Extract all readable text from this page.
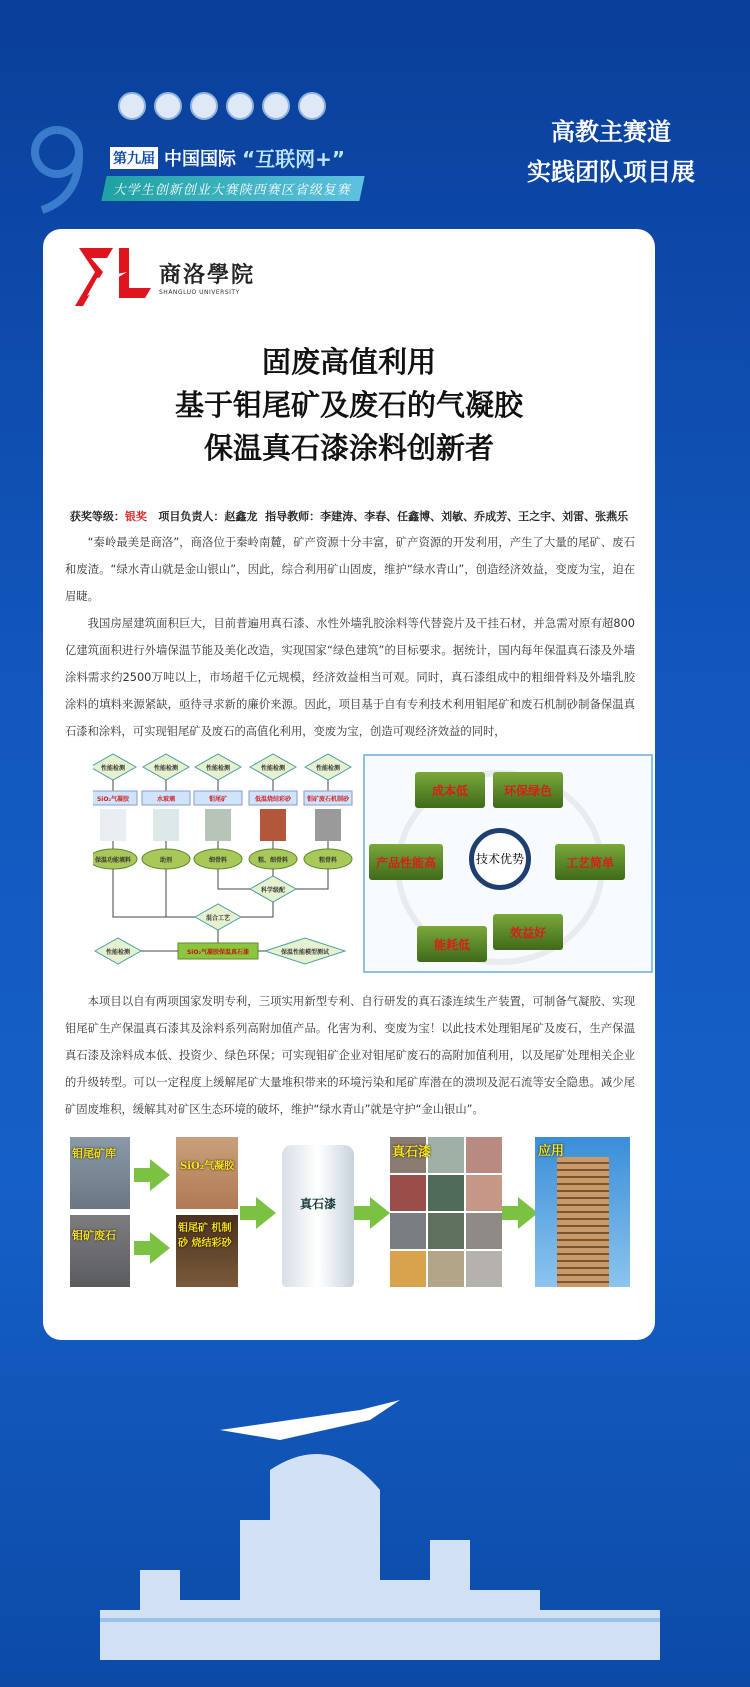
第九届 中国国际 “互联网+”
大学生创新创业大赛陕西赛区省级复赛
高教主赛道
实践团队项目展
商洛學院
SHANGLUO UNIVERSITY
固废高值利用
基于钼尾矿及废石的气凝胶
保温真石漆涂料创新者
获奖等级：银奖 项目负责人：赵鑫龙 指导教师：李建涛、李春、任鑫博、刘敏、乔成芳、王之宇、刘雷、张燕乐

“秦岭最美是商洛”，商洛位于秦岭南麓，矿产资源十分丰富，矿产资源的开发利用，产生了大量的尾矿、废石和废渣。“绿水青山就是金山银山”，因此，综合利用矿山固废，维护“绿水青山”，创造经济效益，变废为宝，迫在眉睫。

我国房屋建筑面积巨大，目前普遍用真石漆、水性外墙乳胶涂料等代替瓷片及干挂石材，并急需对原有超800亿建筑面积进行外墙保温节能及美化改造，实现国家“绿色建筑”的目标要求。据统计，国内每年保温真石漆及外墙涂料需求约2500万吨以上，市场超千亿元规模，经济效益相当可观。同时，真石漆组成中的粗细骨料及外墙乳胶涂料的填料来源紧缺，亟待寻求新的廉价来源。因此，项目基于自有专利技术利用钼尾矿和废石机制砂制备保温真石漆和涂料，可实现钼尾矿及废石的高值化利用，变废为宝，创造可观经济效益的同时，

性能检测
SiO₂气凝胶
保温功能填料
性能检测
水玻璃
助剂
性能检测
钼尾矿
细骨料
性能检测
低温烧结彩砂
粗、细骨料
性能检测
钼矿废石机制砂
粗骨料
科学级配
混合工艺
SiO₂气凝胶保温真石漆
性能检测	保温性能模型测试
成本低	环保绿色
产品性能高	工艺简单
能耗低
效益好
技术优势

本项目以自有两项国家发明专利，三项实用新型专利、自行研发的真石漆连续生产装置，可制备气凝胶、实现钼尾矿生产保温真石漆其及涂料系列高附加值产品。化害为利、变废为宝！以此技术处理钼尾矿及废石，生产保温真石漆及涂料成本低、投资少、绿色环保；可实现钼矿企业对钼尾矿废石的高附加值利用，以及尾矿处理相关企业的升级转型。可以一定程度上缓解尾矿大量堆积带来的环境污染和尾矿库潜在的溃坝及泥石流等安全隐患。减少尾矿固废堆积，缓解其对矿区生态环境的破坏，维护“绿水青山”就是守护“金山银山”。

钼尾矿库
钼矿废石
SiO₂气凝胶
钼尾矿 机制砂 烧结彩砂
真石漆
真石漆	应用
